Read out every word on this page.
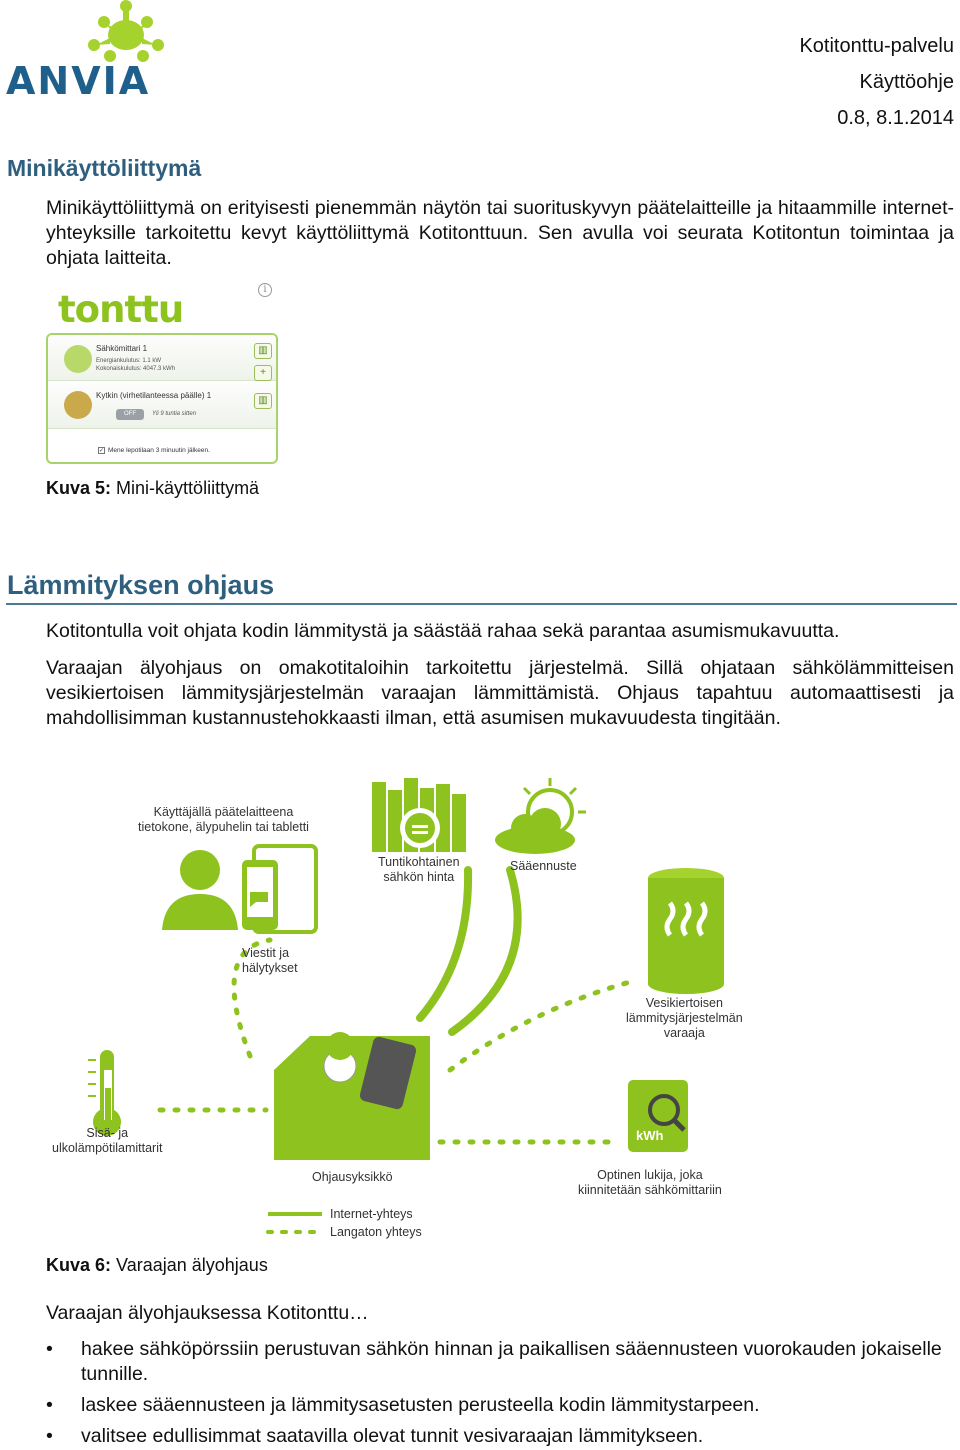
ANVIA
Kotitonttu-palvelu
Käyttöohje
0.8, 8.1.2014
Minikäyttöliittymä
Minikäyttöliittymä on erityisesti pienemmän näytön tai suorituskyvyn päätelaitteille ja hitaammille internet-yhteyksille tarkoitettu kevyt käyttöliittymä Kotitonttuun. Sen avulla voi seurata Kotitontun toimintaa ja ohjata laitteita.
tonttu	i
Sähkömittari 1
Energiankulutus: 1.1 kW
Kokonaiskulutus: 4047.3 kWh
▥
+
Kytkin (virhetilanteessa päälle) 1
OFF	Yli 9 tuntia sitten
▥
✓ Mene lepotilaan 3 minuutin jälkeen.
Kuva 5: Mini-käyttöliittymä
Lämmityksen ohjaus
Kotitontulla voit ohjata kodin lämmitystä ja säästää rahaa sekä parantaa asumismukavuutta.
Varaajan älyohjaus on omakotitaloihin tarkoitettu järjestelmä. Sillä ohjataan sähkölämmitteisen vesikiertoisen lämmitysjärjestelmän varaajan lämmittämistä. Ohjaus tapahtuu automaattisesti ja mahdollisimman kustannustehokkaasti ilman, että asumisen mukavuudesta tingitään.
Käyttäjällä päätelaitteena
tietokone, älypuhelin tai tabletti
Tuntikohtainen
sähkön hinta
Sääennuste
Viestit ja
hälytykset
Vesikiertoisen
lämmitysjärjestelmän
varaaja
Sisä- ja
ulkolämpötilamittarit
Ohjausyksikkö	Optinen lukija, joka
kiinnitetään sähkömittariin
kWh
Internet-yhteys
Langaton yhteys
Kuva 6: Varaajan älyohjaus
Varaajan älyohjauksessa Kotitonttu…
• hakee sähköpörssiin perustuvan sähkön hinnan ja paikallisen sääennusteen vuorokauden jokaiselle tunnille.
• laskee sääennusteen ja lämmitysasetusten perusteella kodin lämmitystarpeen.
• valitsee edullisimmat saatavilla olevat tunnit vesivaraajan lämmitykseen.
